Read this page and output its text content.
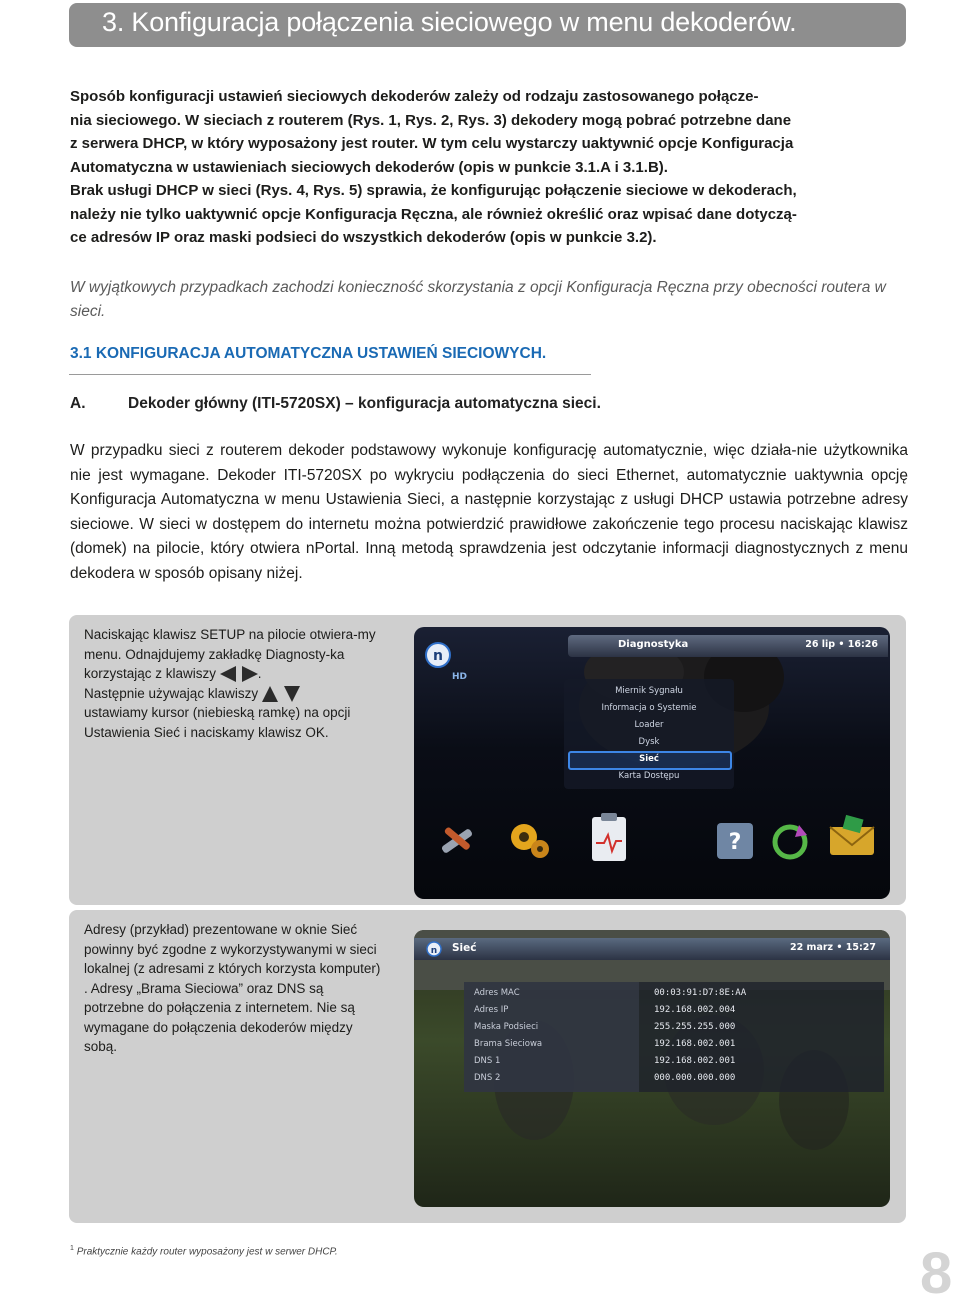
3. Konfiguracja połączenia sieciowego w menu dekoderów.

Sposób konfiguracji ustawień sieciowych dekoderów zależy od rodzaju zastosowanego połącze-

nia sieciowego. W sieciach z routerem (Rys. 1, Rys. 2, Rys. 3) dekodery mogą pobrać potrzebne dane

z serwera DHCP, w który wyposażony jest router. W tym celu wystarczy uaktywnić opcje Konfiguracja

Automatyczna w ustawieniach sieciowych dekoderów (opis w punkcie 3.1.A i 3.1.B).

Brak usługi DHCP w sieci (Rys. 4, Rys. 5) sprawia, że konfigurując połączenie sieciowe w dekoderach,

należy nie tylko uaktywnić opcje Konfiguracja Ręczna, ale również określić oraz wpisać dane dotyczą-

ce adresów IP oraz maski podsieci do wszystkich dekoderów (opis w punkcie 3.2).

W wyjątkowych przypadkach zachodzi konieczność skorzystania z opcji Konfiguracja Ręczna przy obecności routera w sieci.
3.1 KONFIGURACJA AUTOMATYCZNA USTAWIEŃ SIECIOWYCH.
A.	Dekoder główny (ITI-5720SX) – konfiguracja automatyczna sieci.
W przypadku sieci z routerem dekoder podstawowy wykonuje konfigurację automatycznie, więc działa-nie użytkownika nie jest wymagane. Dekoder ITI-5720SX po wykryciu podłączenia do sieci Ethernet, automatycznie uaktywnia opcję Konfiguracja Automatyczna w menu Ustawienia Sieci, a następnie korzystając z usługi DHCP ustawia potrzebne adresy sieciowe. W sieci w dostępem do internetu można potwierdzić prawidłowe zakończenie tego procesu naciskając klawisz (domek) na pilocie, który otwiera nPortal. Inną metodą sprawdzenia jest odczytanie informacji diagnostycznych z menu dekodera w sposób opisany niżej.
Naciskając klawisz SETUP na pilocie otwiera-my menu. Odnajdujemy zakładkę Diagnosty-ka korzystając z klawiszy	.
Następnie używając klawiszy
ustawiamy kursor (niebieską ramkę) na opcji Ustawienia Sieć i naciskamy klawisz OK.
n
HD
Diagnostyka	26 lip • 16:26
Miernik Sygnału
Informacja o Systemie
Loader
Dysk
Sieć
Karta Dostępu
?
Adresy (przykład) prezentowane w oknie Sieć powinny być zgodne z wykorzystywanymi w sieci lokalnej (z adresami z których korzysta komputer) . Adresy „Brama Sieciowa” oraz DNS są potrzebne do połączenia z internetem. Nie są wymagane do połączenia dekoderów między sobą.
n Sieć	22 marz • 15:27
Adres MAC	00:03:91:D7:8E:AA
Adres IP	192.168.002.004
Maska Podsieci	255.255.255.000
Brama Sieciowa	192.168.002.001
DNS 1	192.168.002.001
DNS 2	000.000.000.000
$^1$ Praktycznie każdy router wyposażony jest w serwer DHCP.	8
